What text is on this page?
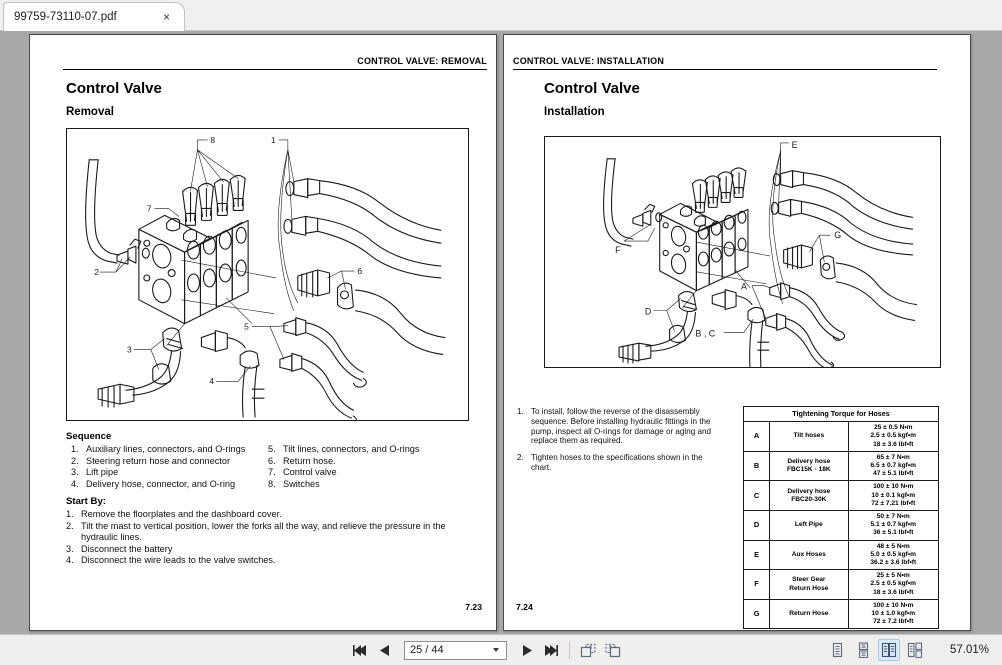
99759-73110-07.pdf	×
CONTROL VALVE: REMOVAL
Control Valve
Removal
8	1
7
2	6
5
3
4
Sequence
1. Auxiliary lines, connectors, and O-rings
2. Steering return hose and connector
3. Lift pipe
4. Delivery hose, connector, and O-ring
5. Tilt lines, connectors, and O-rings
6. Return hose.
7. Control valve
8. Switches
Start By:
1. Remove the floorplates and the dashboard cover.
2. Tilt the mast to vertical position, lower the forks all the way, and relieve the pressure in the hydraulic lines.
3. Disconnect the battery
4. Disconnect the wire leads to the valve switches.
7.23
CONTROL VALVE: INSTALLATION
Control Valve
Installation
E
F
G
A
D
B , C
1. To install, follow the reverse of the disassembly sequence. Before installing hydraulic fittings in the pump, inspect all O-rings for damage or aging and replace them as required.
2. Tighten hoses to the specifications shown in the chart.
Tightening Torque for Hoses		
A	Tilt hoses	25 ± 0.5 N•m
2.5 ± 0.5 kgf•m
18 ± 3.6 lbf•ft
B	Delivery hose
FBC15K - 18K	65 ± 7 N•m
6.5 ± 0.7 kgf•m
47 ± 5.1 lbf•ft
C	Delivery hose
FBC20-30K	100 ± 10 N•m
10 ± 0.1 kgf•m
72 ± 7.21 lbf•ft
D	Left Pipe	50 ± 7 N•m
5.1 ± 0.7 kgf•m
36 ± 5.1 lbf•ft
E	Aux Hoses	48 ± 5 N•m
5.0 ± 0.5 kgf•m
36.2 ± 3.6 lbf•ft
F	Steer Gear
Return Hose	25 ± 5 N•m
2.5 ± 0.5 kgf•m
18 ± 3.6 lbf•ft
G	Return Hose	100 ± 10 N•m
10 ± 1.0 kgf•m
72 ± 7.2 lbf•ft
7.24
25 / 44
57.01%
